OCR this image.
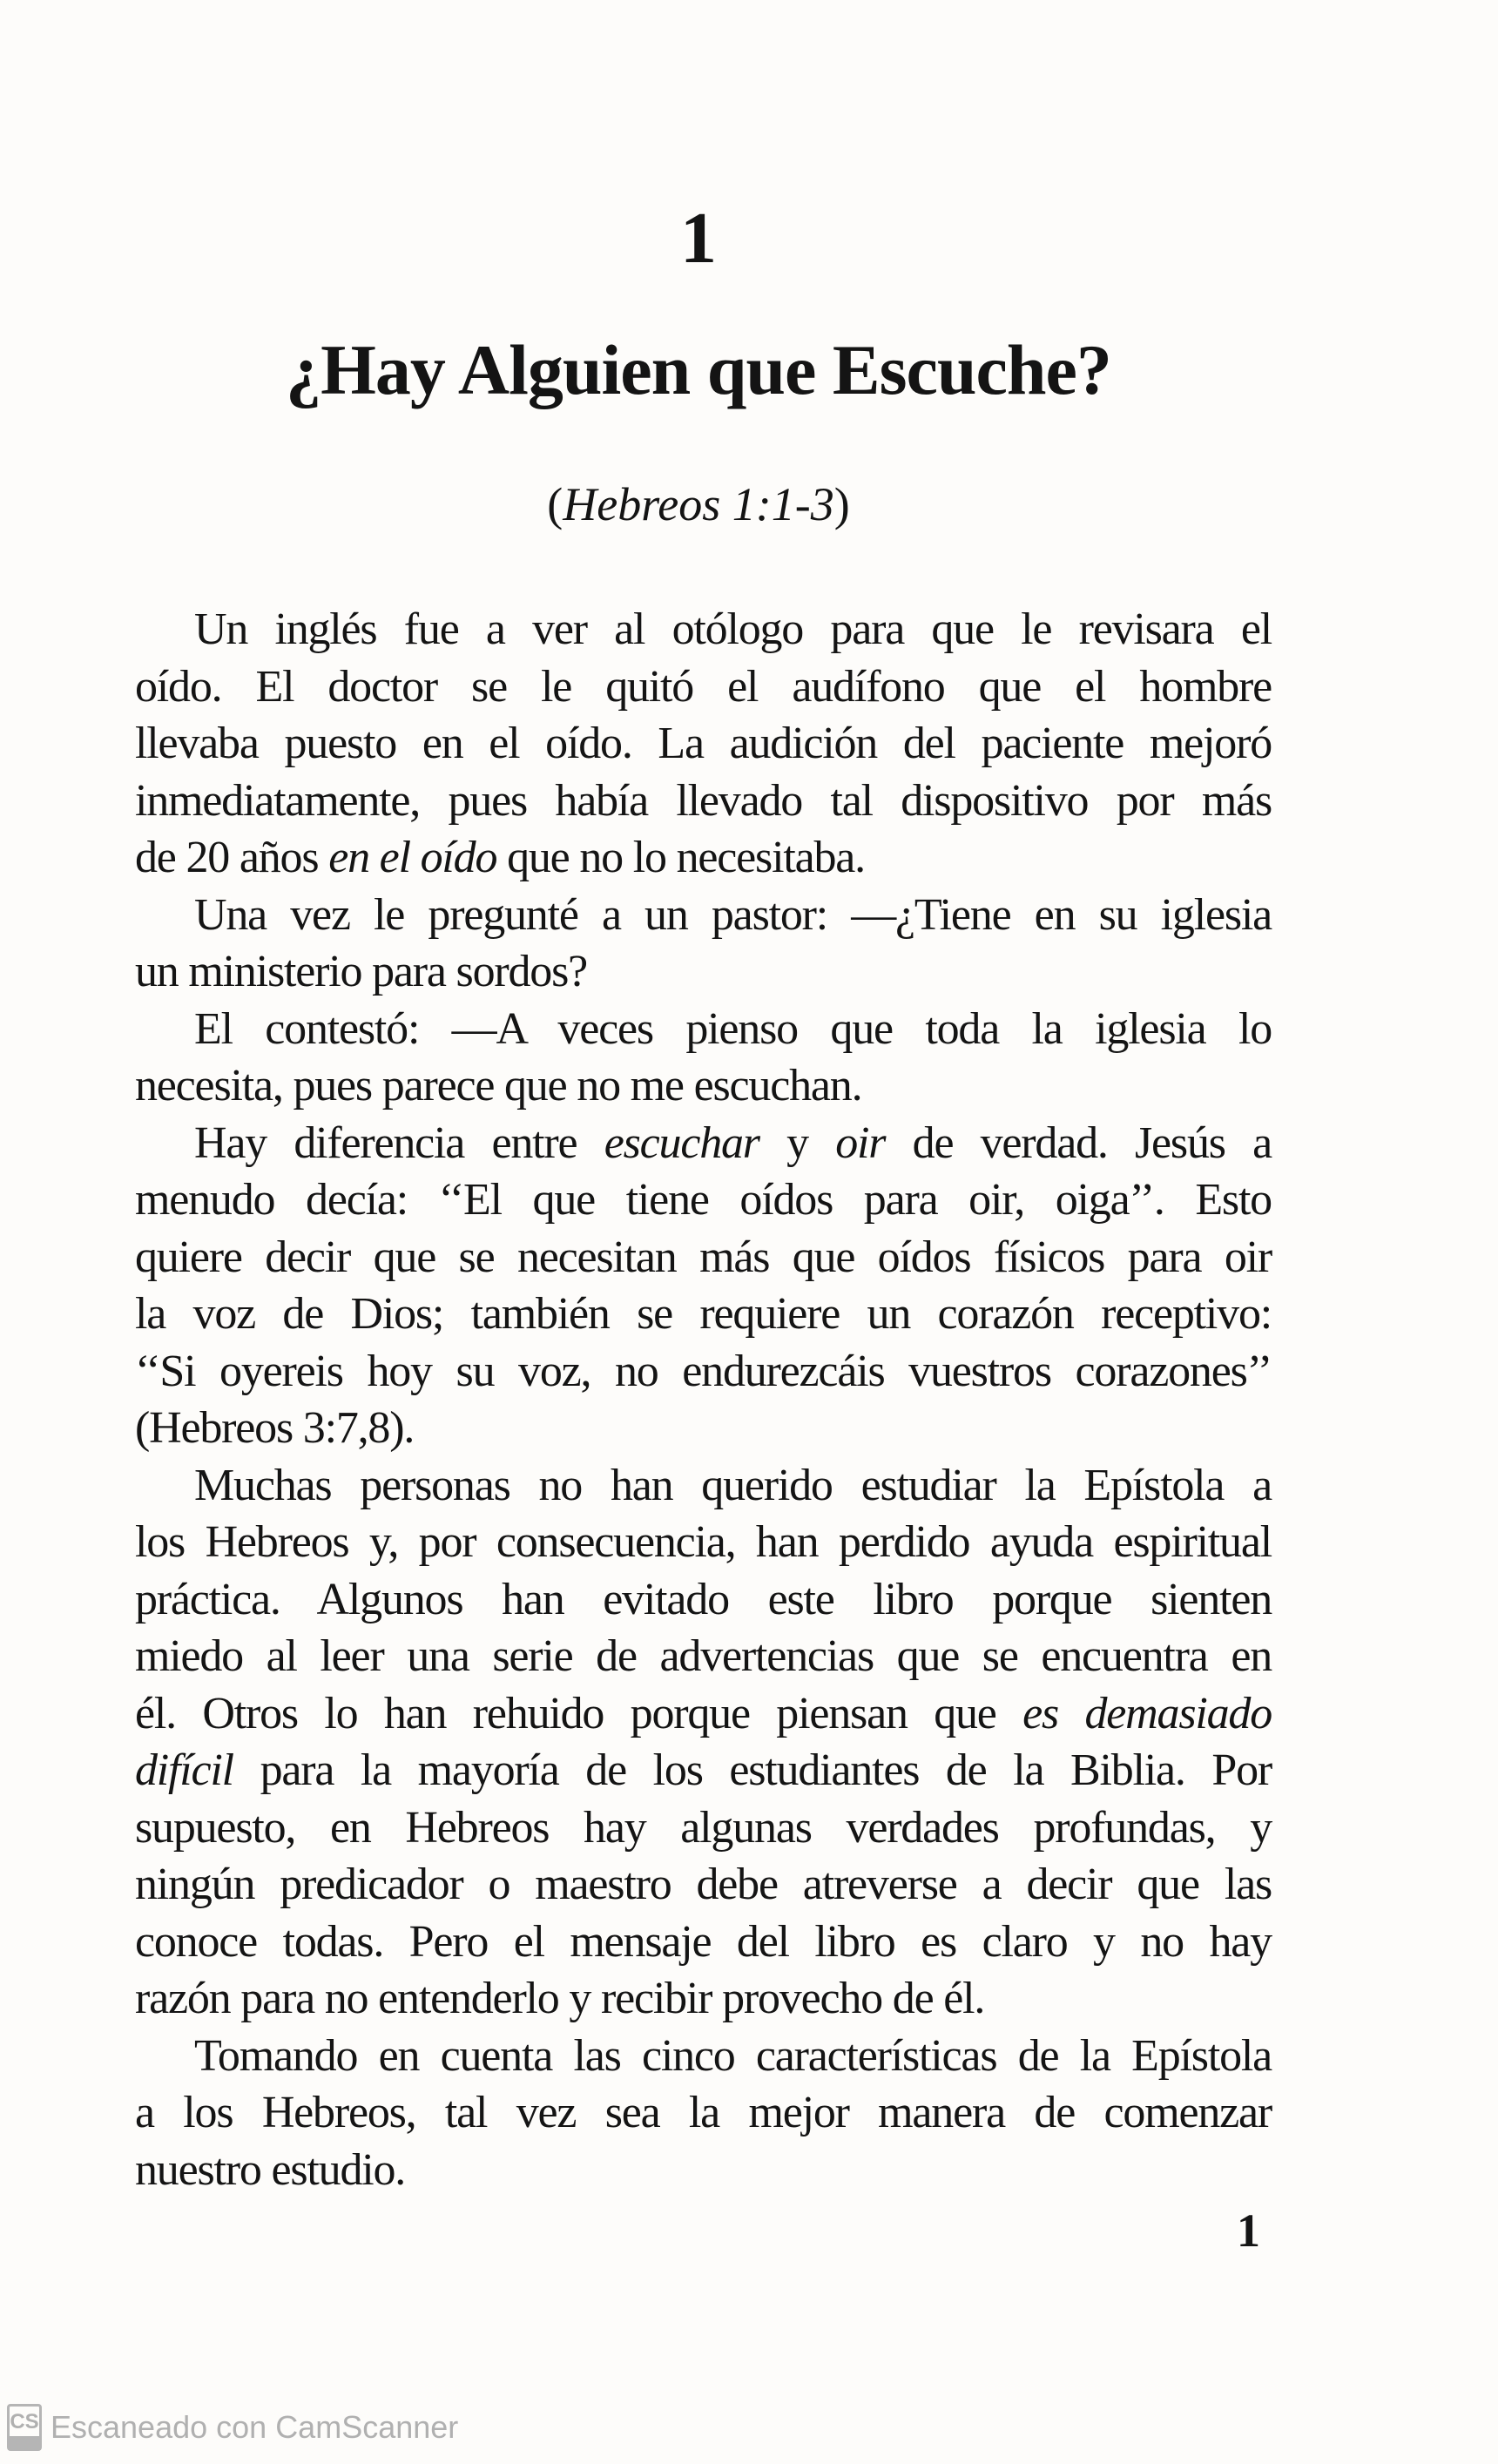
1
¿Hay Alguien que Escuche?
(Hebreos 1:1-3)
Un inglés fue a ver al otólogo para que le revisara el
oído. El doctor se le quitó el audífono que el hombre
llevaba puesto en el oído. La audición del paciente mejoró
inmediatamente, pues había llevado tal dispositivo por más
de 20 años en el oído que no lo necesitaba.
Una vez le pregunté a un pastor: —¿Tiene en su iglesia
un ministerio para sordos?
El contestó: —A veces pienso que toda la iglesia lo
necesita, pues parece que no me escuchan.
Hay diferencia entre escuchar y oir de verdad. Jesús a
menudo decía: ‘‘El que tiene oídos para oir, oiga’’. Esto
quiere decir que se necesitan más que oídos físicos para oir
la voz de Dios; también se requiere un corazón receptivo:
‘‘Si oyereis hoy su voz, no endurezcáis vuestros corazones’’
(Hebreos 3:7,8).
Muchas personas no han querido estudiar la Epístola a
los Hebreos y, por consecuencia, han perdido ayuda espiritual
práctica. Algunos han evitado este libro porque sienten
miedo al leer una serie de advertencias que se encuentra en
él. Otros lo han rehuido porque piensan que es demasiado
difícil para la mayoría de los estudiantes de la Biblia. Por
supuesto, en Hebreos hay algunas verdades profundas, y
ningún predicador o maestro debe atreverse a decir que las
conoce todas. Pero el mensaje del libro es claro y no hay
razón para no entenderlo y recibir provecho de él.
Tomando en cuenta las cinco características de la Epístola
a los Hebreos, tal vez sea la mejor manera de comenzar
nuestro estudio.
1
CS Escaneado con CamScanner
